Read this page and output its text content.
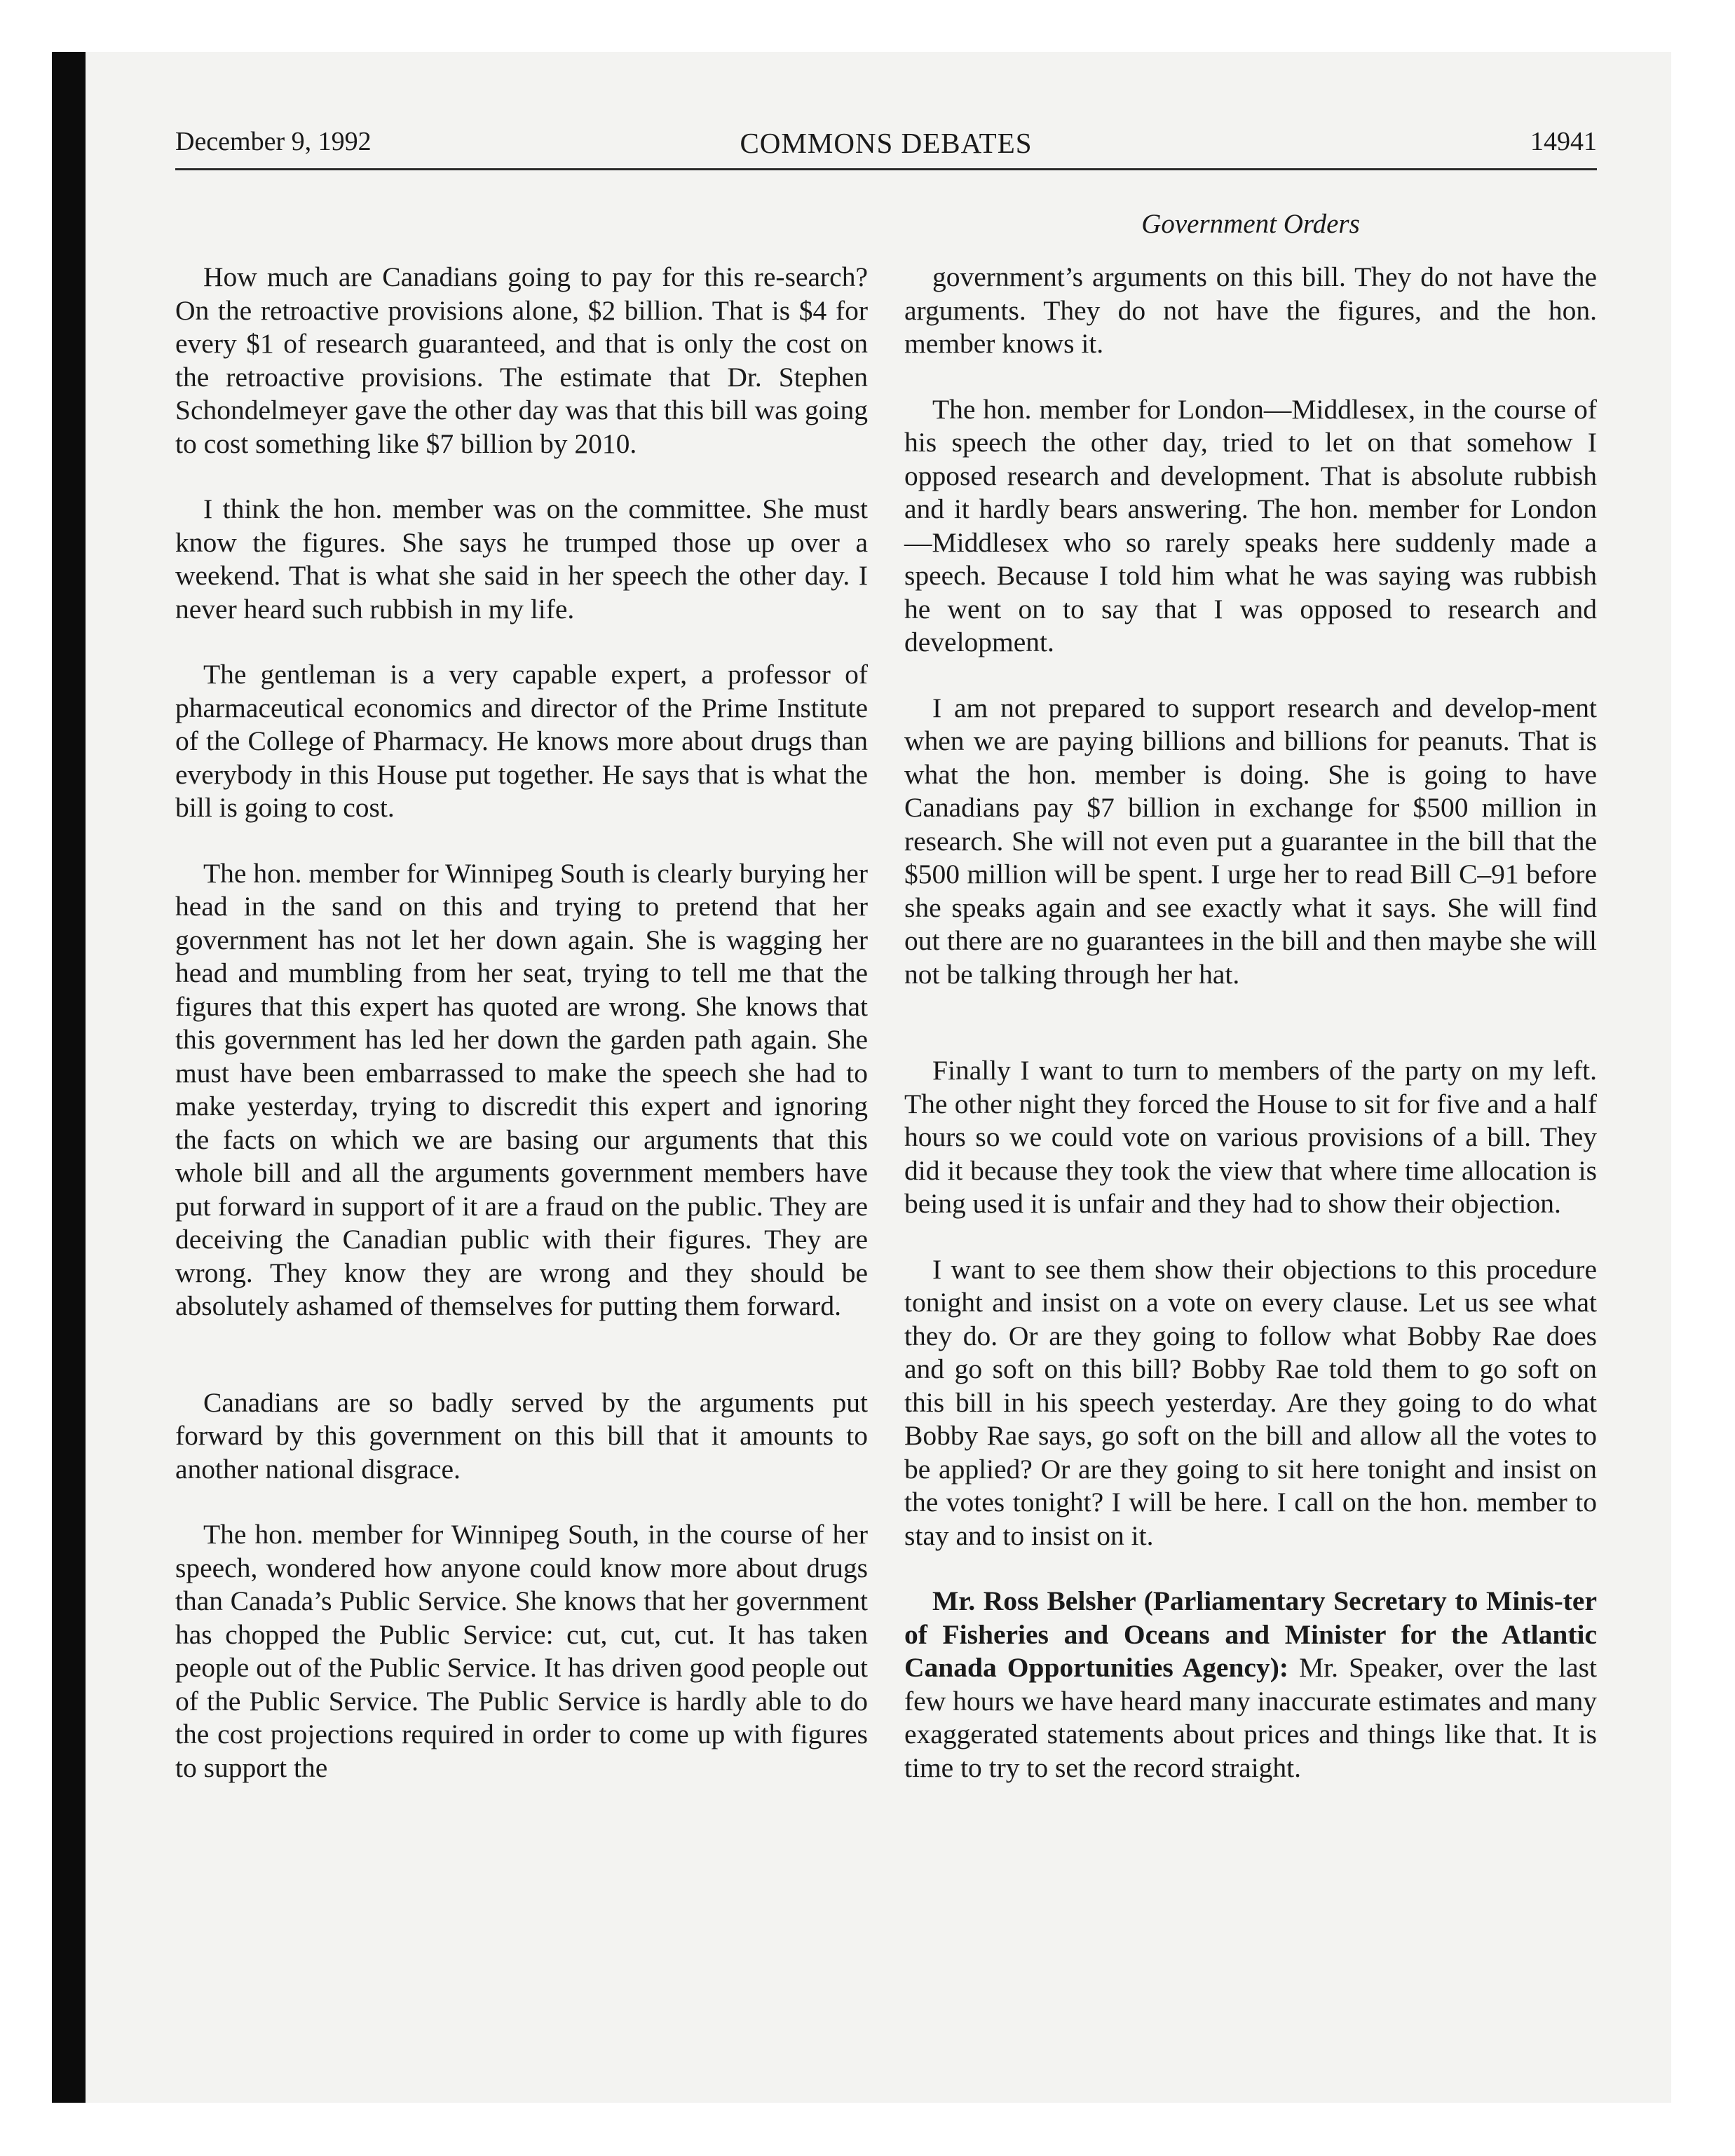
December 9, 1992	COMMONS DEBATES	14941
Government Orders

How much are Canadians going to pay for this re-search? On the retroactive provisions alone, $2 billion. That is $4 for every $1 of research guaranteed, and that is only the cost on the retroactive provisions. The estimate that Dr. Stephen Schondelmeyer gave the other day was that this bill was going to cost something like $7 billion by 2010.

I think the hon. member was on the committee. She must know the figures. She says he trumped those up over a weekend. That is what she said in her speech the other day. I never heard such rubbish in my life.

The gentleman is a very capable expert, a professor of pharmaceutical economics and director of the Prime Institute of the College of Pharmacy. He knows more about drugs than everybody in this House put together. He says that is what the bill is going to cost.

The hon. member for Winnipeg South is clearly burying her head in the sand on this and trying to pretend that her government has not let her down again. She is wagging her head and mumbling from her seat, trying to tell me that the figures that this expert has quoted are wrong. She knows that this government has led her down the garden path again. She must have been embarrassed to make the speech she had to make yesterday, trying to discredit this expert and ignoring the facts on which we are basing our arguments that this whole bill and all the arguments government members have put forward in support of it are a fraud on the public. They are deceiving the Canadian public with their figures. They are wrong. They know they are wrong and they should be absolutely ashamed of themselves for putting them forward.

Canadians are so badly served by the arguments put forward by this government on this bill that it amounts to another national disgrace.

The hon. member for Winnipeg South, in the course of her speech, wondered how anyone could know more about drugs than Canada’s Public Service. She knows that her government has chopped the Public Service: cut, cut, cut. It has taken people out of the Public Service. It has driven good people out of the Public Service. The Public Service is hardly able to do the cost projections required in order to come up with figures to support the

government’s arguments on this bill. They do not have the arguments. They do not have the figures, and the hon. member knows it.

The hon. member for London—Middlesex, in the course of his speech the other day, tried to let on that somehow I opposed research and development. That is absolute rubbish and it hardly bears answering. The hon. member for London—Middlesex who so rarely speaks here suddenly made a speech. Because I told him what he was saying was rubbish he went on to say that I was opposed to research and development.

I am not prepared to support research and develop-ment when we are paying billions and billions for peanuts. That is what the hon. member is doing. She is going to have Canadians pay $7 billion in exchange for $500 million in research. She will not even put a guarantee in the bill that the $500 million will be spent. I urge her to read Bill C–91 before she speaks again and see exactly what it says. She will find out there are no guarantees in the bill and then maybe she will not be talking through her hat.

Finally I want to turn to members of the party on my left. The other night they forced the House to sit for five and a half hours so we could vote on various provisions of a bill. They did it because they took the view that where time allocation is being used it is unfair and they had to show their objection.

I want to see them show their objections to this procedure tonight and insist on a vote on every clause. Let us see what they do. Or are they going to follow what Bobby Rae does and go soft on this bill? Bobby Rae told them to go soft on this bill in his speech yesterday. Are they going to do what Bobby Rae says, go soft on the bill and allow all the votes to be applied? Or are they going to sit here tonight and insist on the votes tonight? I will be here. I call on the hon. member to stay and to insist on it.

Mr. Ross Belsher (Parliamentary Secretary to Minis-ter of Fisheries and Oceans and Minister for the Atlantic Canada Opportunities Agency): Mr. Speaker, over the last few hours we have heard many inaccurate estimates and many exaggerated statements about prices and things like that. It is time to try to set the record straight.
